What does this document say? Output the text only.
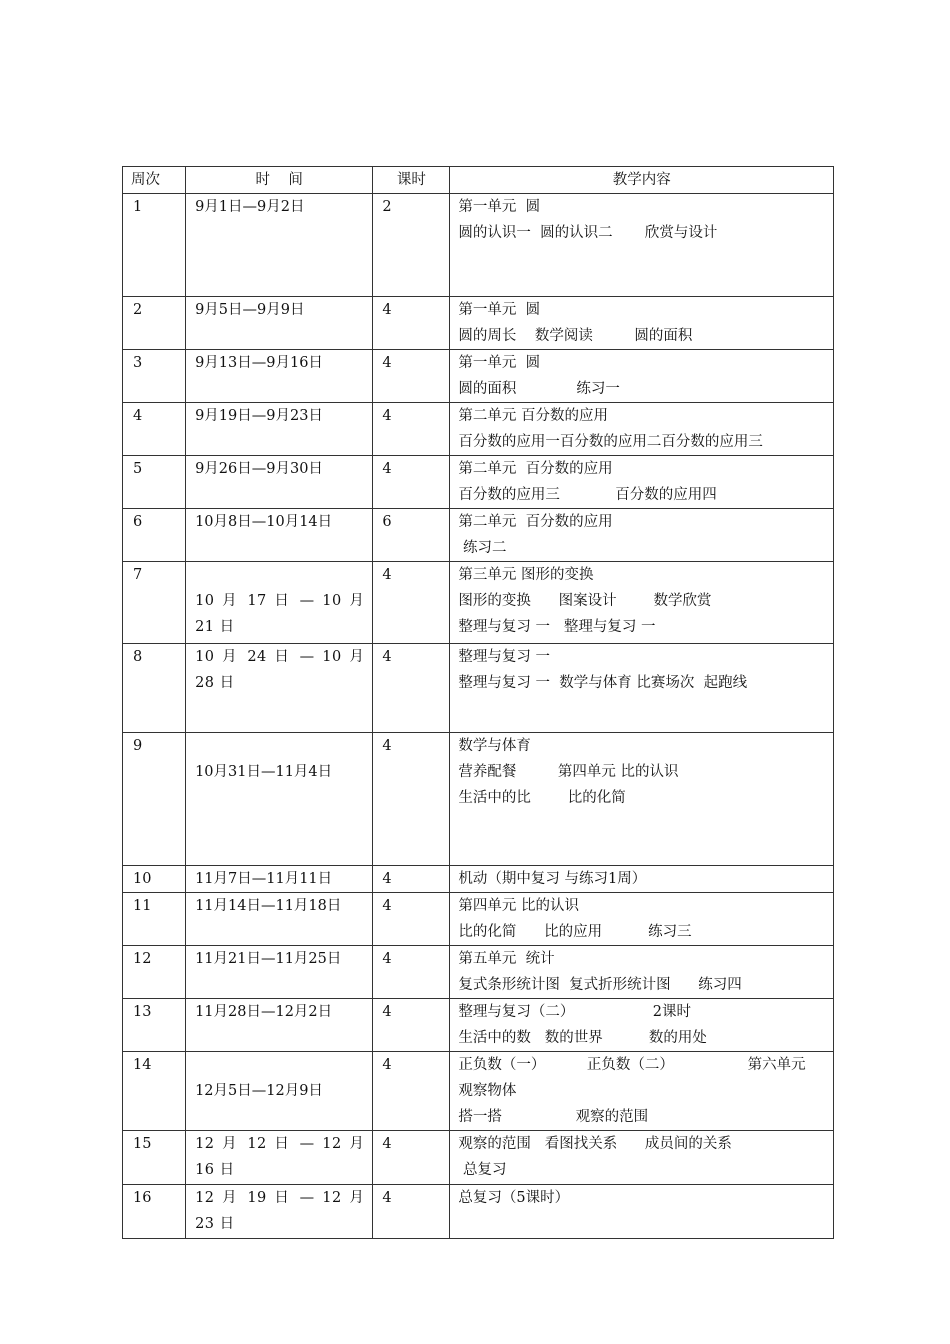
周次	时    间	课时	教学内容
1	9月1日—9月2日	2	第一单元  圆
圆的认识一  圆的认识二       欣赏与设计

2	9月5日—9月9日	4	第一单元  圆
圆的周长    数学阅读         圆的面积

3	9月13日—9月16日	4	第一单元  圆
圆的面积             练习一

4	9月19日—9月23日	4	第二单元 百分数的应用
百分数的应用一百分数的应用二百分数的应用三

5	9月26日—9月30日	4	第二单元  百分数的应用
百分数的应用三            百分数的应用四

6	10月8日—10月14日	6	第二单元  百分数的应用
练习二

7	10 月 17 日 — 10 月 21 日	4	第三单元 图形的变换
图形的变换      图案设计        数学欣赏
整理与复习 一   整理与复习 一

8	10 月 24 日 — 10 月 28 日	4	整理与复习 一
整理与复习 一  数学与体育 比赛场次  起跑线

9	10月31日—11月4日	4	数学与体育
营养配餐         第四单元 比的认识
生活中的比        比的化简

10	11月7日—11月11日	4	机动（期中复习 与练习1周）

11	11月14日—11月18日	4	第四单元 比的认识
比的化简      比的应用          练习三

12	11月21日—11月25日	4	第五单元  统计
复式条形统计图  复式折形统计图      练习四

13	11月28日—12月2日	4	整理与复习（二）                 2课时
生活中的数   数的世界          数的用处

14	12月5日—12月9日	4	正负数（一）         正负数（二）                第六单元
观察物体
搭一搭                观察的范围

15	12 月 12 日 — 12 月 16 日	4	观察的范围   看图找关系      成员间的关系
总复习

16	12 月 19 日 — 12 月 23 日	4	总复习（5课时）
